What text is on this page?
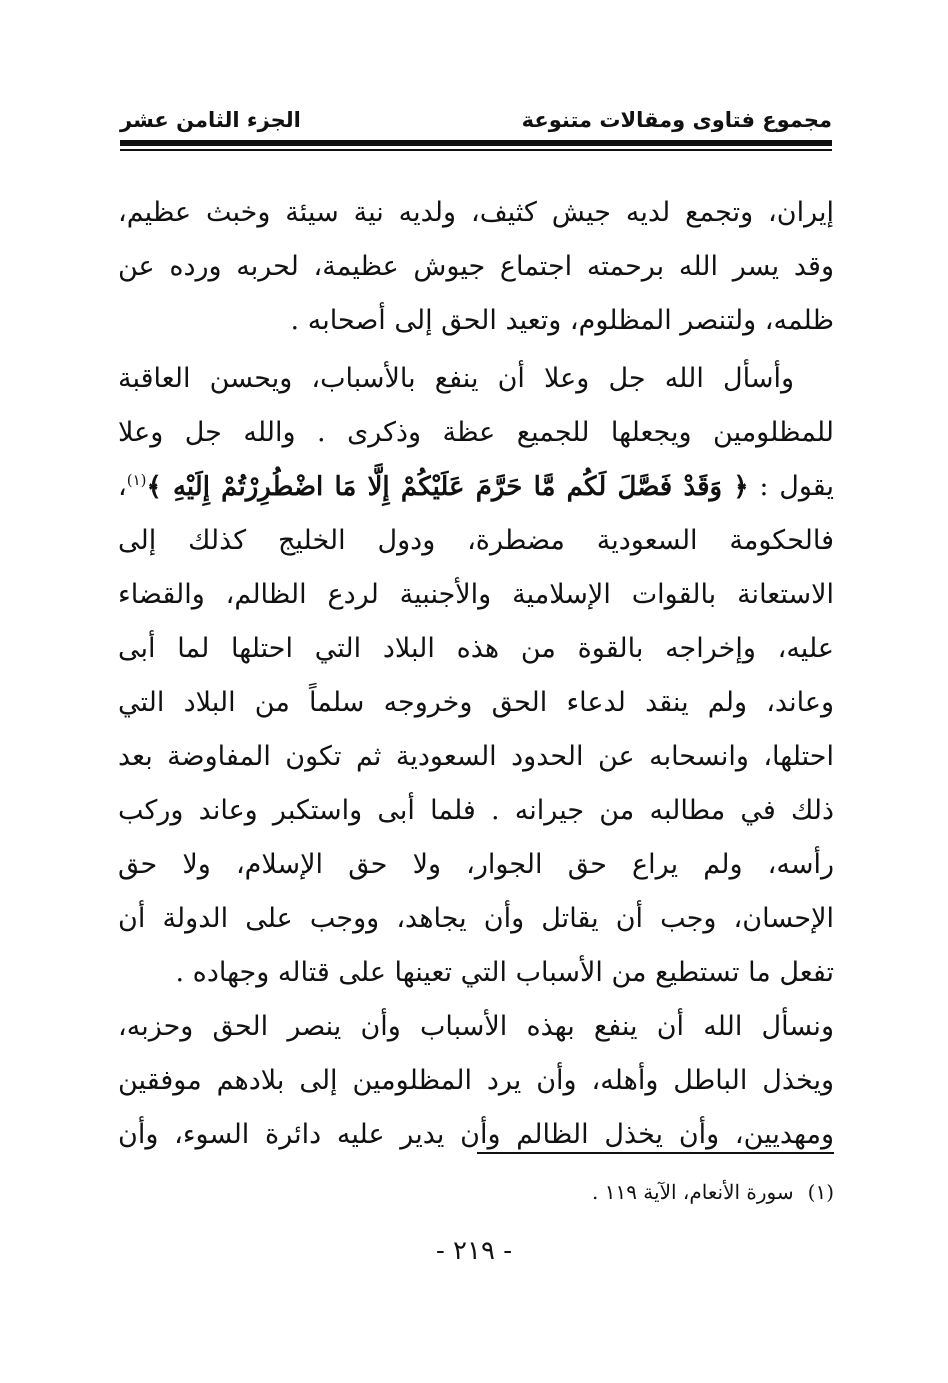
مجموع فتاوى ومقالات متنوعة
الجزء الثامن عشر
إيران، وتجمع لديه جيش كثيف، ولديه نية سيئة وخبث عظيم،
وقد يسر الله برحمته اجتماع جيوش عظيمة، لحربه ورده عن
ظلمه، ولتنصر المظلوم، وتعيد الحق إلى أصحابه .
وأسأل الله جل وعلا أن ينفع بالأسباب، ويحسن العاقبة
للمظلومين ويجعلها للجميع عظة وذكرى . والله جل وعلا
يقول : ﴿ وَقَدْ فَصَّلَ لَكُم مَّا حَرَّمَ عَلَيْكُمْ إِلَّا مَا اضْطُرِرْتُمْ إِلَيْهِ ﴾$^{(١)}$،
فالحكومة السعودية مضطرة، ودول الخليج كذلك إلى
الاستعانة بالقوات الإسلامية والأجنبية لردع الظالم، والقضاء
عليه، وإخراجه بالقوة من هذه البلاد التي احتلها لما أبى
وعاند، ولم ينقد لدعاء الحق وخروجه سلماً من البلاد التي
احتلها، وانسحابه عن الحدود السعودية ثم تكون المفاوضة بعد
ذلك في مطالبه من جيرانه . فلما أبى واستكبر وعاند وركب
رأسه، ولم يراع حق الجوار، ولا حق الإسلام، ولا حق
الإحسان، وجب أن يقاتل وأن يجاهد، ووجب على الدولة أن
تفعل ما تستطيع من الأسباب التي تعينها على قتاله وجهاده .
ونسأل الله أن ينفع بهذه الأسباب وأن ينصر الحق وحزبه،
ويخذل الباطل وأهله، وأن يرد المظلومين إلى بلادهم موفقين
ومهديين، وأن يخذل الظالم وأن يدير عليه دائرة السوء، وأن
(١)سورة الأنعام، الآية ١١٩ .
- ٢١٩ -
